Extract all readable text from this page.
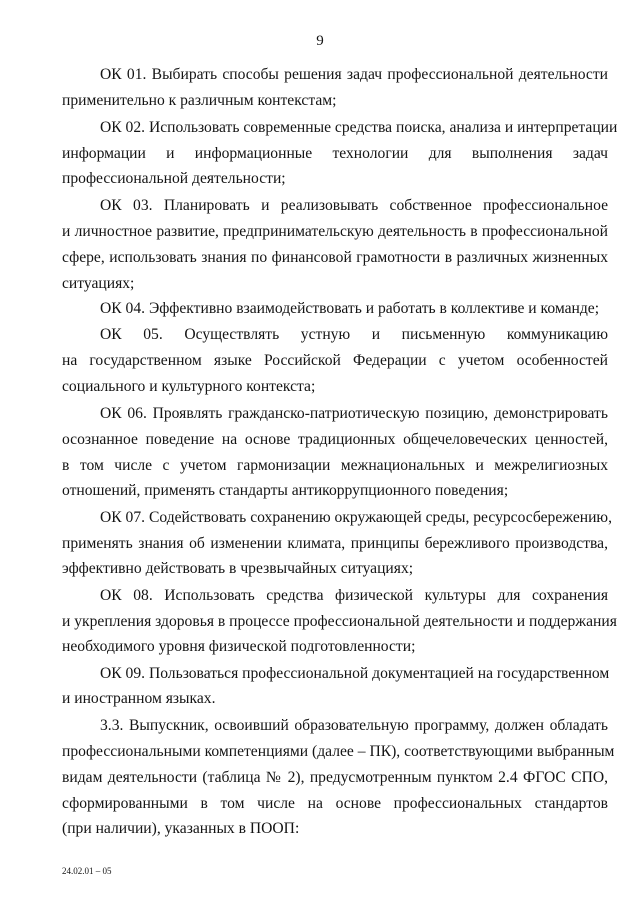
9
ОК 01. Выбирать способы решения задач профессиональной деятельности
применительно к различным контекстам;
ОК 02. Использовать современные средства поиска, анализа и интерпретации
информации и информационные технологии для выполнения задач
профессиональной деятельности;
ОК 03. Планировать и реализовывать собственное профессиональное
и личностное развитие, предпринимательскую деятельность в профессиональной
сфере, использовать знания по финансовой грамотности в различных жизненных
ситуациях;
ОК 04. Эффективно взаимодействовать и работать в коллективе и команде;
ОК 05. Осуществлять устную и письменную коммуникацию
на государственном языке Российской Федерации с учетом особенностей
социального и культурного контекста;
ОК 06. Проявлять гражданско-патриотическую позицию, демонстрировать
осознанное поведение на основе традиционных общечеловеческих ценностей,
в том числе с учетом гармонизации межнациональных и межрелигиозных
отношений, применять стандарты антикоррупционного поведения;
ОК 07. Содействовать сохранению окружающей среды, ресурсосбережению,
применять знания об изменении климата, принципы бережливого производства,
эффективно действовать в чрезвычайных ситуациях;
ОК 08. Использовать средства физической культуры для сохранения
и укрепления здоровья в процессе профессиональной деятельности и поддержания
необходимого уровня физической подготовленности;
ОК 09. Пользоваться профессиональной документацией на государственном
и иностранном языках.
3.3. Выпускник, освоивший образовательную программу, должен обладать
профессиональными компетенциями (далее – ПК), соответствующими выбранным
видам деятельности (таблица № 2), предусмотренным пунктом 2.4 ФГОС СПО,
сформированными в том числе на основе профессиональных стандартов
(при наличии), указанных в ПООП:
24.02.01 – 05
